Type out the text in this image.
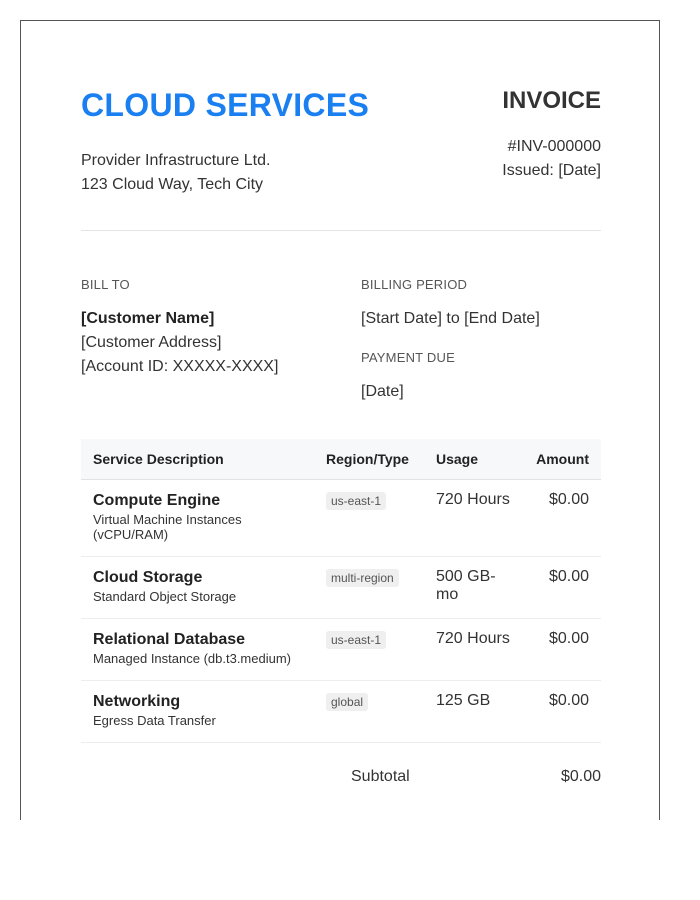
CLOUD SERVICES
Provider Infrastructure Ltd.
123 Cloud Way, Tech City
INVOICE
#INV-000000
Issued: [Date]
BILL TO
[Customer Name]
[Customer Address]
[Account ID: XXXXX-XXXX]
BILLING PERIOD
[Start Date] to [End Date]
PAYMENT DUE
[Date]
Service Description	Region/Type	Usage	Amount

Compute Engine
Virtual Machine Instances (vCPU/RAM)	us-east-1	720 Hours	$0.00

Cloud Storage
Standard Object Storage	multi-region	500 GB-mo	$0.00

Relational Database
Managed Instance (db.t3.medium)	us-east-1	720 Hours	$0.00

Networking
Egress Data Transfer	global	125 GB	$0.00
Subtotal	$0.00
